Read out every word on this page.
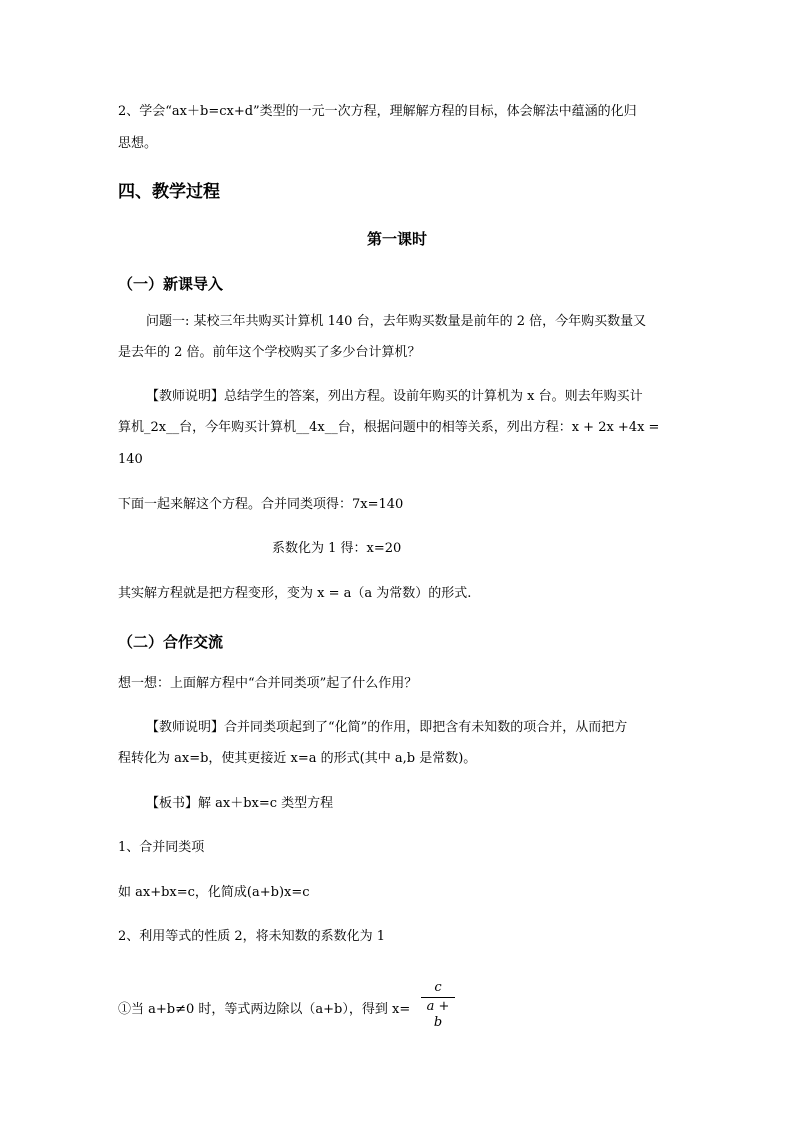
2、学会“ax＋b=cx+d”类型的一元一次方程，理解解方程的目标，体会解法中蕴涵的化归
思想。
四、教学过程
第一课时
（一）新课导入
问题一: 某校三年共购买计算机 140 台，去年购买数量是前年的 2 倍，今年购买数量又
是去年的 2 倍。前年这个学校购买了多少台计算机？
【教师说明】总结学生的答案，列出方程。设前年购买的计算机为 x 台。则去年购买计
算机_2x__台，今年购买计算机__4x__台，根据问题中的相等关系，列出方程：x + 2x +4x =
140
下面一起来解这个方程。合并同类项得：7x=140
系数化为 1 得：x=20
其实解方程就是把方程变形，变为 x = a（a 为常数）的形式.
（二）合作交流
想一想：上面解方程中“合并同类项”起了什么作用？
【教师说明】合并同类项起到了“化简”的作用，即把含有未知数的项合并，从而把方
程转化为 ax=b，使其更接近 x=a 的形式(其中 a,b 是常数)。
【板书】解 ax＋bx=c 类型方程
1、合并同类项
如 ax+bx=c，化简成(a+b)x=c
2、利用等式的性质 2，将未知数的系数化为 1
①当 a+b≠0 时，等式两边除以（a+b），得到 x=
c
a + b
